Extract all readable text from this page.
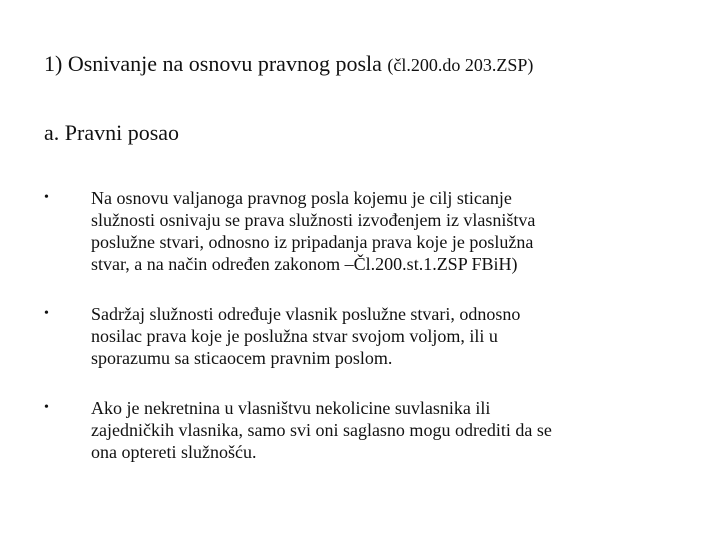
1) Osnivanje na osnovu pravnog posla (čl.200.do 203.ZSP)
a. Pravni posao
•	Na osnovu valjanoga pravnog posla kojemu je cilj sticanje
služnosti osnivaju se prava služnosti izvođenjem iz vlasništva
poslužne stvari, odnosno iz pripadanja prava koje je poslužna
stvar, a na način određen zakonom –Čl.200.st.1.ZSP FBiH)
•	Sadržaj služnosti određuje vlasnik poslužne stvari, odnosno
nosilac prava koje je poslužna stvar svojom voljom, ili u
sporazumu sa sticaocem pravnim poslom.
•	Ako je nekretnina u vlasništvu nekolicine suvlasnika ili
zajedničkih vlasnika, samo svi oni saglasno mogu odrediti da se
ona optereti služnošću.
